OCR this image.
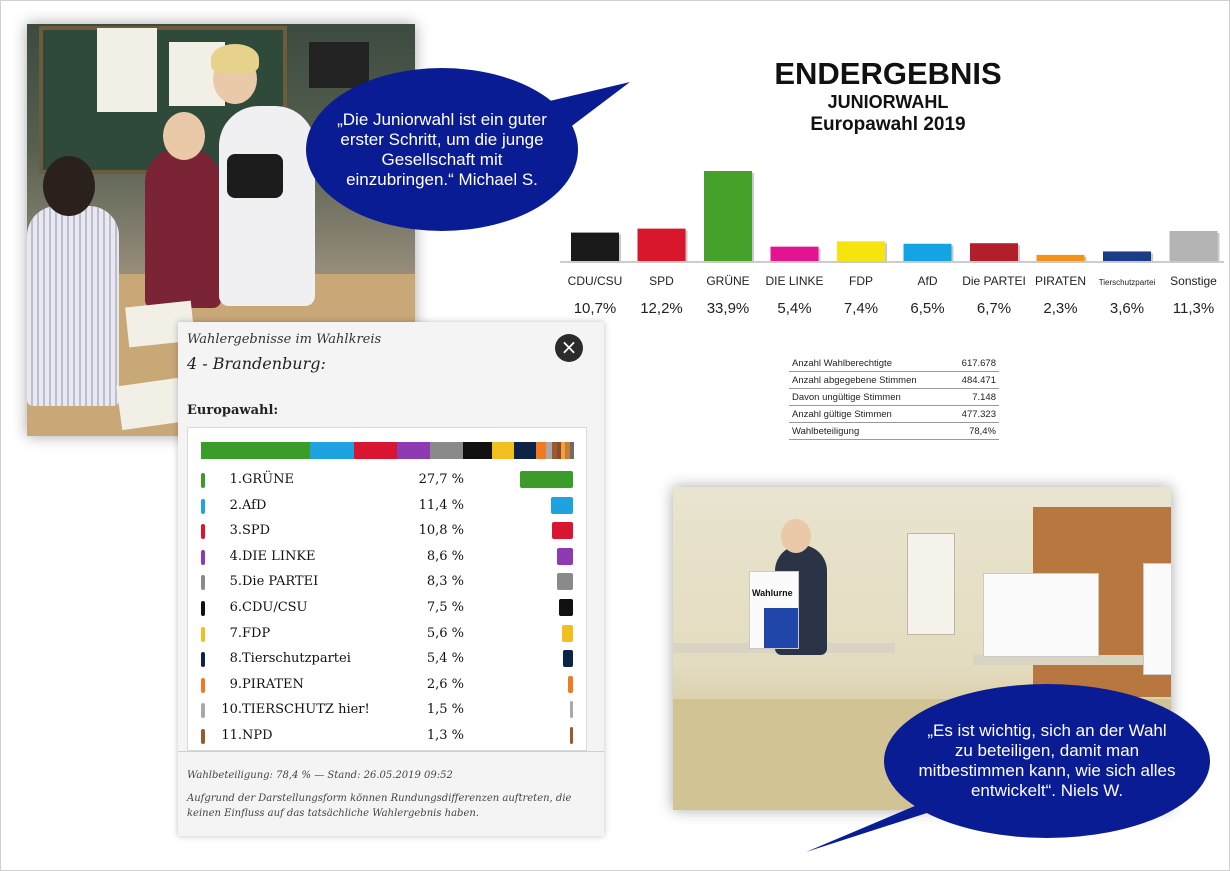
Wahlurne
„Die Juniorwahl ist ein guter erster Schritt, um die junge Gesellschaft mit einzubringen.“ Michael S.
„Es ist wichtig, sich an der Wahl zu beteiligen, damit man mitbestimmen kann, wie sich alles entwickelt“. Niels W.
ENDERGEBNIS
JUNIORWAHL
Europawahl 2019
CDU/CSU
10,7%
SPD
12,2%
GRÜNE
33,9%
DIE LINKE
5,4%
FDP
7,4%
AfD
6,5%
Die PARTEI
6,7%
PIRATEN
2,3%
Tierschutzpartei
3,6%
Sonstige
11,3%
Anzahl Wahlberechtigte	617.678
Anzahl abgegebene Stimmen	484.471
Davon ungültige Stimmen	7.148
Anzahl gültige Stimmen	477.323
Wahlbeteiligung	78,4%
Wahlergebnisse im Wahlkreis
4 - Brandenburg:
×
Europawahl:
1. GRÜNE	27,7 %
2. AfD	11,4 %
3. SPD	10,8 %
4. DIE LINKE	8,6 %
5. Die PARTEI	8,3 %
6. CDU/CSU	7,5 %
7. FDP	5,6 %
8. Tierschutzpartei	5,4 %
9. PIRATEN	2,6 %
10. TIERSCHUTZ hier!	1,5 %
11. NPD	1,3 %
Wahlbeteiligung: 78,4 % — Stand: 26.05.2019 09:52
Aufgrund der Darstellungsform können Rundungsdifferenzen auftreten, die keinen Einfluss auf das tatsächliche Wahlergebnis haben.
